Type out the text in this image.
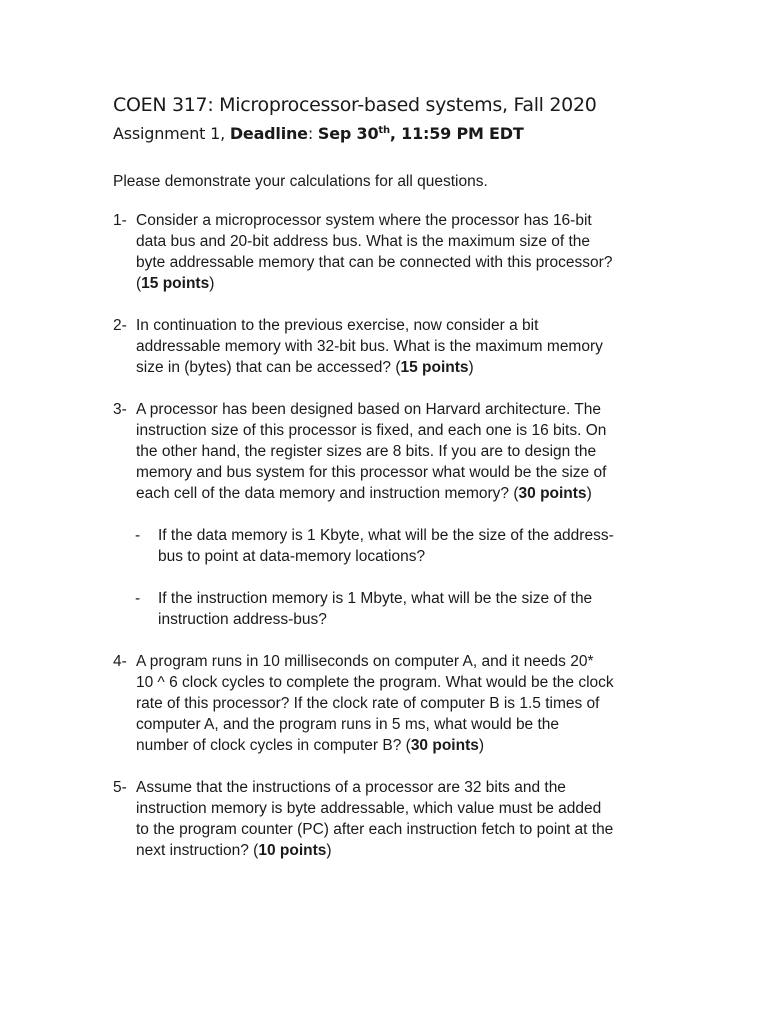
COEN 317: Microprocessor-based systems, Fall 2020
Assignment 1, Deadline: Sep 30th, 11:59 PM EDT
Please demonstrate your calculations for all questions.
1- Consider a microprocessor system where the processor has 16-bit
data bus and 20-bit address bus. What is the maximum size of the
byte addressable memory that can be connected with this processor?
(15 points)
2- In continuation to the previous exercise, now consider a bit
addressable memory with 32-bit bus. What is the maximum memory
size in (bytes) that can be accessed? (15 points)
3- A processor has been designed based on Harvard architecture. The
instruction size of this processor is fixed, and each one is 16 bits. On
the other hand, the register sizes are 8 bits. If you are to design the
memory and bus system for this processor what would be the size of
each cell of the data memory and instruction memory? (30 points)
- If the data memory is 1 Kbyte, what will be the size of the address-
bus to point at data-memory locations?
- If the instruction memory is 1 Mbyte, what will be the size of the
instruction address-bus?
4- A program runs in 10 milliseconds on computer A, and it needs 20*
10 ^ 6 clock cycles to complete the program. What would be the clock
rate of this processor? If the clock rate of computer B is 1.5 times of
computer A, and the program runs in 5 ms, what would be the
number of clock cycles in computer B? (30 points)
5- Assume that the instructions of a processor are 32 bits and the
instruction memory is byte addressable, which value must be added
to the program counter (PC) after each instruction fetch to point at the
next instruction? (10 points)
